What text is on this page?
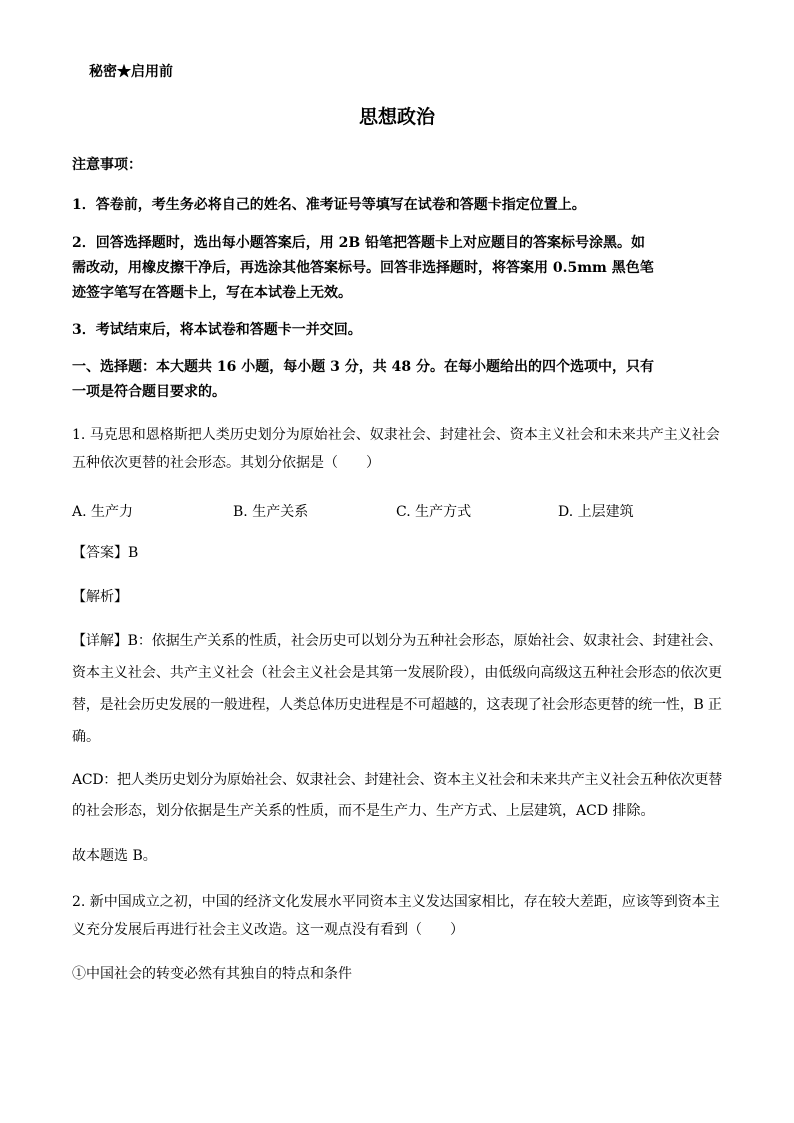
秘密★启用前
思想政治
注意事项：
1．答卷前，考生务必将自己的姓名、准考证号等填写在试卷和答题卡指定位置上。
2．回答选择题时，选出每小题答案后，用 2B 铅笔把答题卡上对应题目的答案标号涂黑。如
需改动，用橡皮擦干净后，再选涂其他答案标号。回答非选择题时，将答案用 0.5mm 黑色笔
迹签字笔写在答题卡上，写在本试卷上无效。
3．考试结束后，将本试卷和答题卡一并交回。
一、选择题：本大题共 16 小题，每小题 3 分，共 48 分。在每小题给出的四个选项中，只有
一项是符合题目要求的。
1. 马克思和恩格斯把人类历史划分为原始社会、奴隶社会、封建社会、资本主义社会和未来共产主义社会
五种依次更替的社会形态。其划分依据是（　　）
A. 生产力	B. 生产关系	C. 生产方式	D. 上层建筑
【答案】B
【解析】
【详解】B：依据生产关系的性质，社会历史可以划分为五种社会形态，原始社会、奴隶社会、封建社会、
资本主义社会、共产主义社会（社会主义社会是其第一发展阶段），由低级向高级这五种社会形态的依次更
替，是社会历史发展的一般进程，人类总体历史进程是不可超越的，这表现了社会形态更替的统一性，B 正
确。
ACD：把人类历史划分为原始社会、奴隶社会、封建社会、资本主义社会和未来共产主义社会五种依次更替
的社会形态，划分依据是生产关系的性质，而不是生产力、生产方式、上层建筑，ACD 排除。
故本题选 B。
2. 新中国成立之初，中国的经济文化发展水平同资本主义发达国家相比，存在较大差距，应该等到资本主
义充分发展后再进行社会主义改造。这一观点没有看到（　　）
①中国社会的转变必然有其独自的特点和条件
